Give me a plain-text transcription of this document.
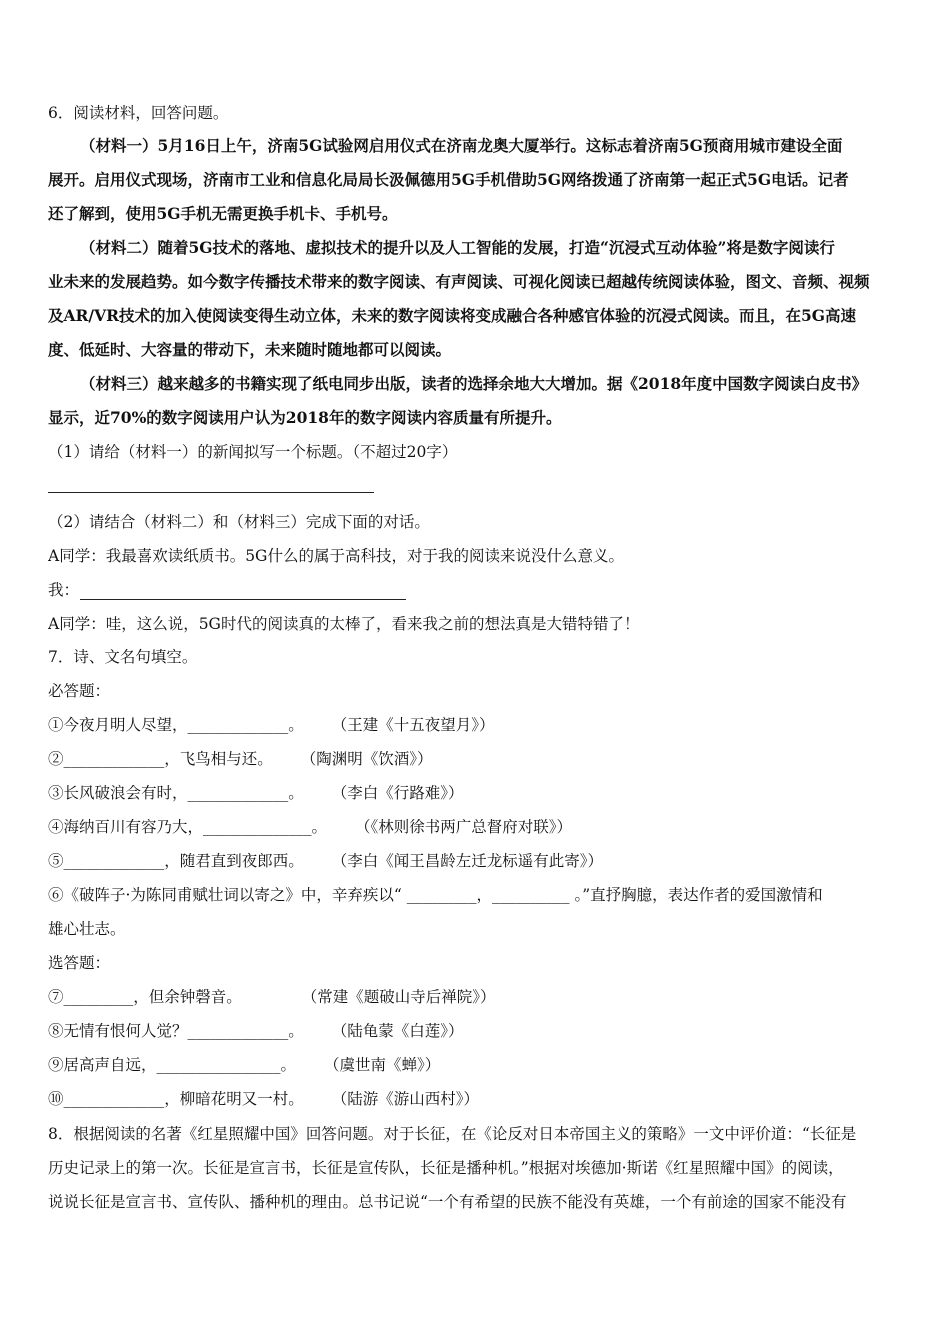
6．阅读材料，回答问题。
（材料一）5月16日上午，济南5G试验网启用仪式在济南龙奥大厦举行。这标志着济南5G预商用城市建设全面
展开。启用仪式现场，济南市工业和信息化局局长汲佩德用5G手机借助5G网络拨通了济南第一起正式5G电话。记者
还了解到，使用5G手机无需更换手机卡、手机号。
（材料二）随着5G技术的落地、虚拟技术的提升以及人工智能的发展，打造“沉浸式互动体验”将是数字阅读行
业未来的发展趋势。如今数字传播技术带来的数字阅读、有声阅读、可视化阅读已超越传统阅读体验，图文、音频、视频
及AR/VR技术的加入使阅读变得生动立体，未来的数字阅读将变成融合各种感官体验的沉浸式阅读。而且，在5G高速
度、低延时、大容量的带动下，未来随时随地都可以阅读。
（材料三）越来越多的书籍实现了纸电同步出版，读者的选择余地大大增加。据《2018年度中国数字阅读白皮书》
显示，近70%的数字阅读用户认为2018年的数字阅读内容质量有所提升。
（1）请给（材料一）的新闻拟写一个标题。（不超过20字）
（2）请结合（材料二）和（材料三）完成下面的对话。
A同学：我最喜欢读纸质书。5G什么的属于高科技，对于我的阅读来说没什么意义。
我：
A同学：哇，这么说，5G时代的阅读真的太棒了，看来我之前的想法真是大错特错了！
7．诗、文名句填空。
必答题：
①今夜月明人尽望，_____________。 （王建《十五夜望月》）
②_____________，飞鸟相与还。 （陶渊明《饮酒》）
③长风破浪会有时，_____________。 （李白《行路难》）
④海纳百川有容乃大，______________。 （《林则徐书两广总督府对联》）
⑤_____________，随君直到夜郎西。 （李白《闻王昌龄左迁龙标遥有此寄》）
⑥《破阵子·为陈同甫赋壮词以寄之》中，辛弃疾以“ _________，__________ 。”直抒胸臆，表达作者的爱国激情和
雄心壮志。
选答题：
⑦_________，但余钟磬音。	（常建《题破山寺后禅院》）
⑧无情有恨何人觉？_____________。 （陆龟蒙《白莲》）
⑨居高声自远，________________。 （虞世南《蝉》）
⑩_____________，柳暗花明又一村。 （陆游《游山西村》）
8．根据阅读的名著《红星照耀中国》回答问题。对于长征，在《论反对日本帝国主义的策略》一文中评价道：“长征是
历史记录上的第一次。长征是宣言书，长征是宣传队，长征是播种机。”根据对埃德加·斯诺《红星照耀中国》的阅读，
说说长征是宣言书、宣传队、播种机的理由。总书记说“一个有希望的民族不能没有英雄，一个有前途的国家不能没有
